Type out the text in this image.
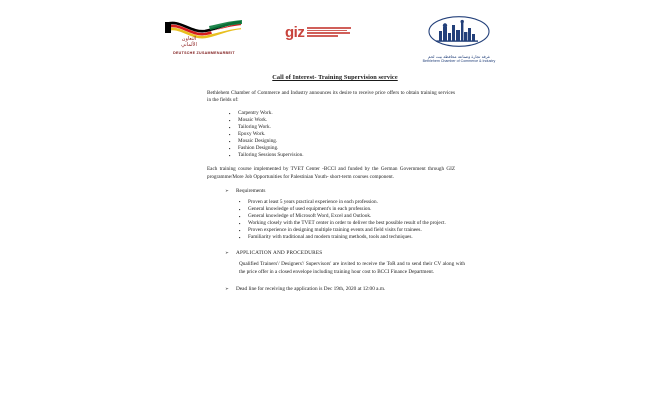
التعاون الألماني
DEUTSCHE ZUSAMMENARBEIT
giz
غرفة تجارة وصناعة محافظة بيت لحم
Bethlehem Chamber of Commerce & Industry
Call of Interest- Training Supervision service

Bethlehem Chamber of Commerce and Industry announces its desire to receive price offers to obtain training services in the fields of:

▪ Carpentry Work.
▪ Mosaic Work.
▪ Tailoring Work.
▪ Epoxy Work.
▪ Mosaic Designing.
▪ Fashion Designing.
▪ Tailoring Sessions Supervision.

Each training course implemented by TVET Center -BCCI and funded by the German Government through GIZ programme/More Job Opportunities for Palestinian Youth- short-term courses component.

➢ Requirements
▪ Proven at least 5 years practical experience in each profession.
▪ General knowledge of used equipment's in each profession.
▪ General knowledge of Microsoft Word, Excel and Outlook.
▪ Working closely with the TVET center in order to deliver the best possible result of the project.
▪ Proven experience in designing multiple training events and field visits for trainees.
▪ Familiarity with traditional and modern training methods, tools and techniques.
➢ APPLICATION AND PROCEDURES

Qualified Trainers'/ Designers'/ Supervisors' are invited to receive the ToR and to send their CV along with the price offer in a closed envelope including training hour cost to BCCI Finance Department.

➢ Dead line for receiving the application is Dec 19th, 2020 at 12:00 a.m.
